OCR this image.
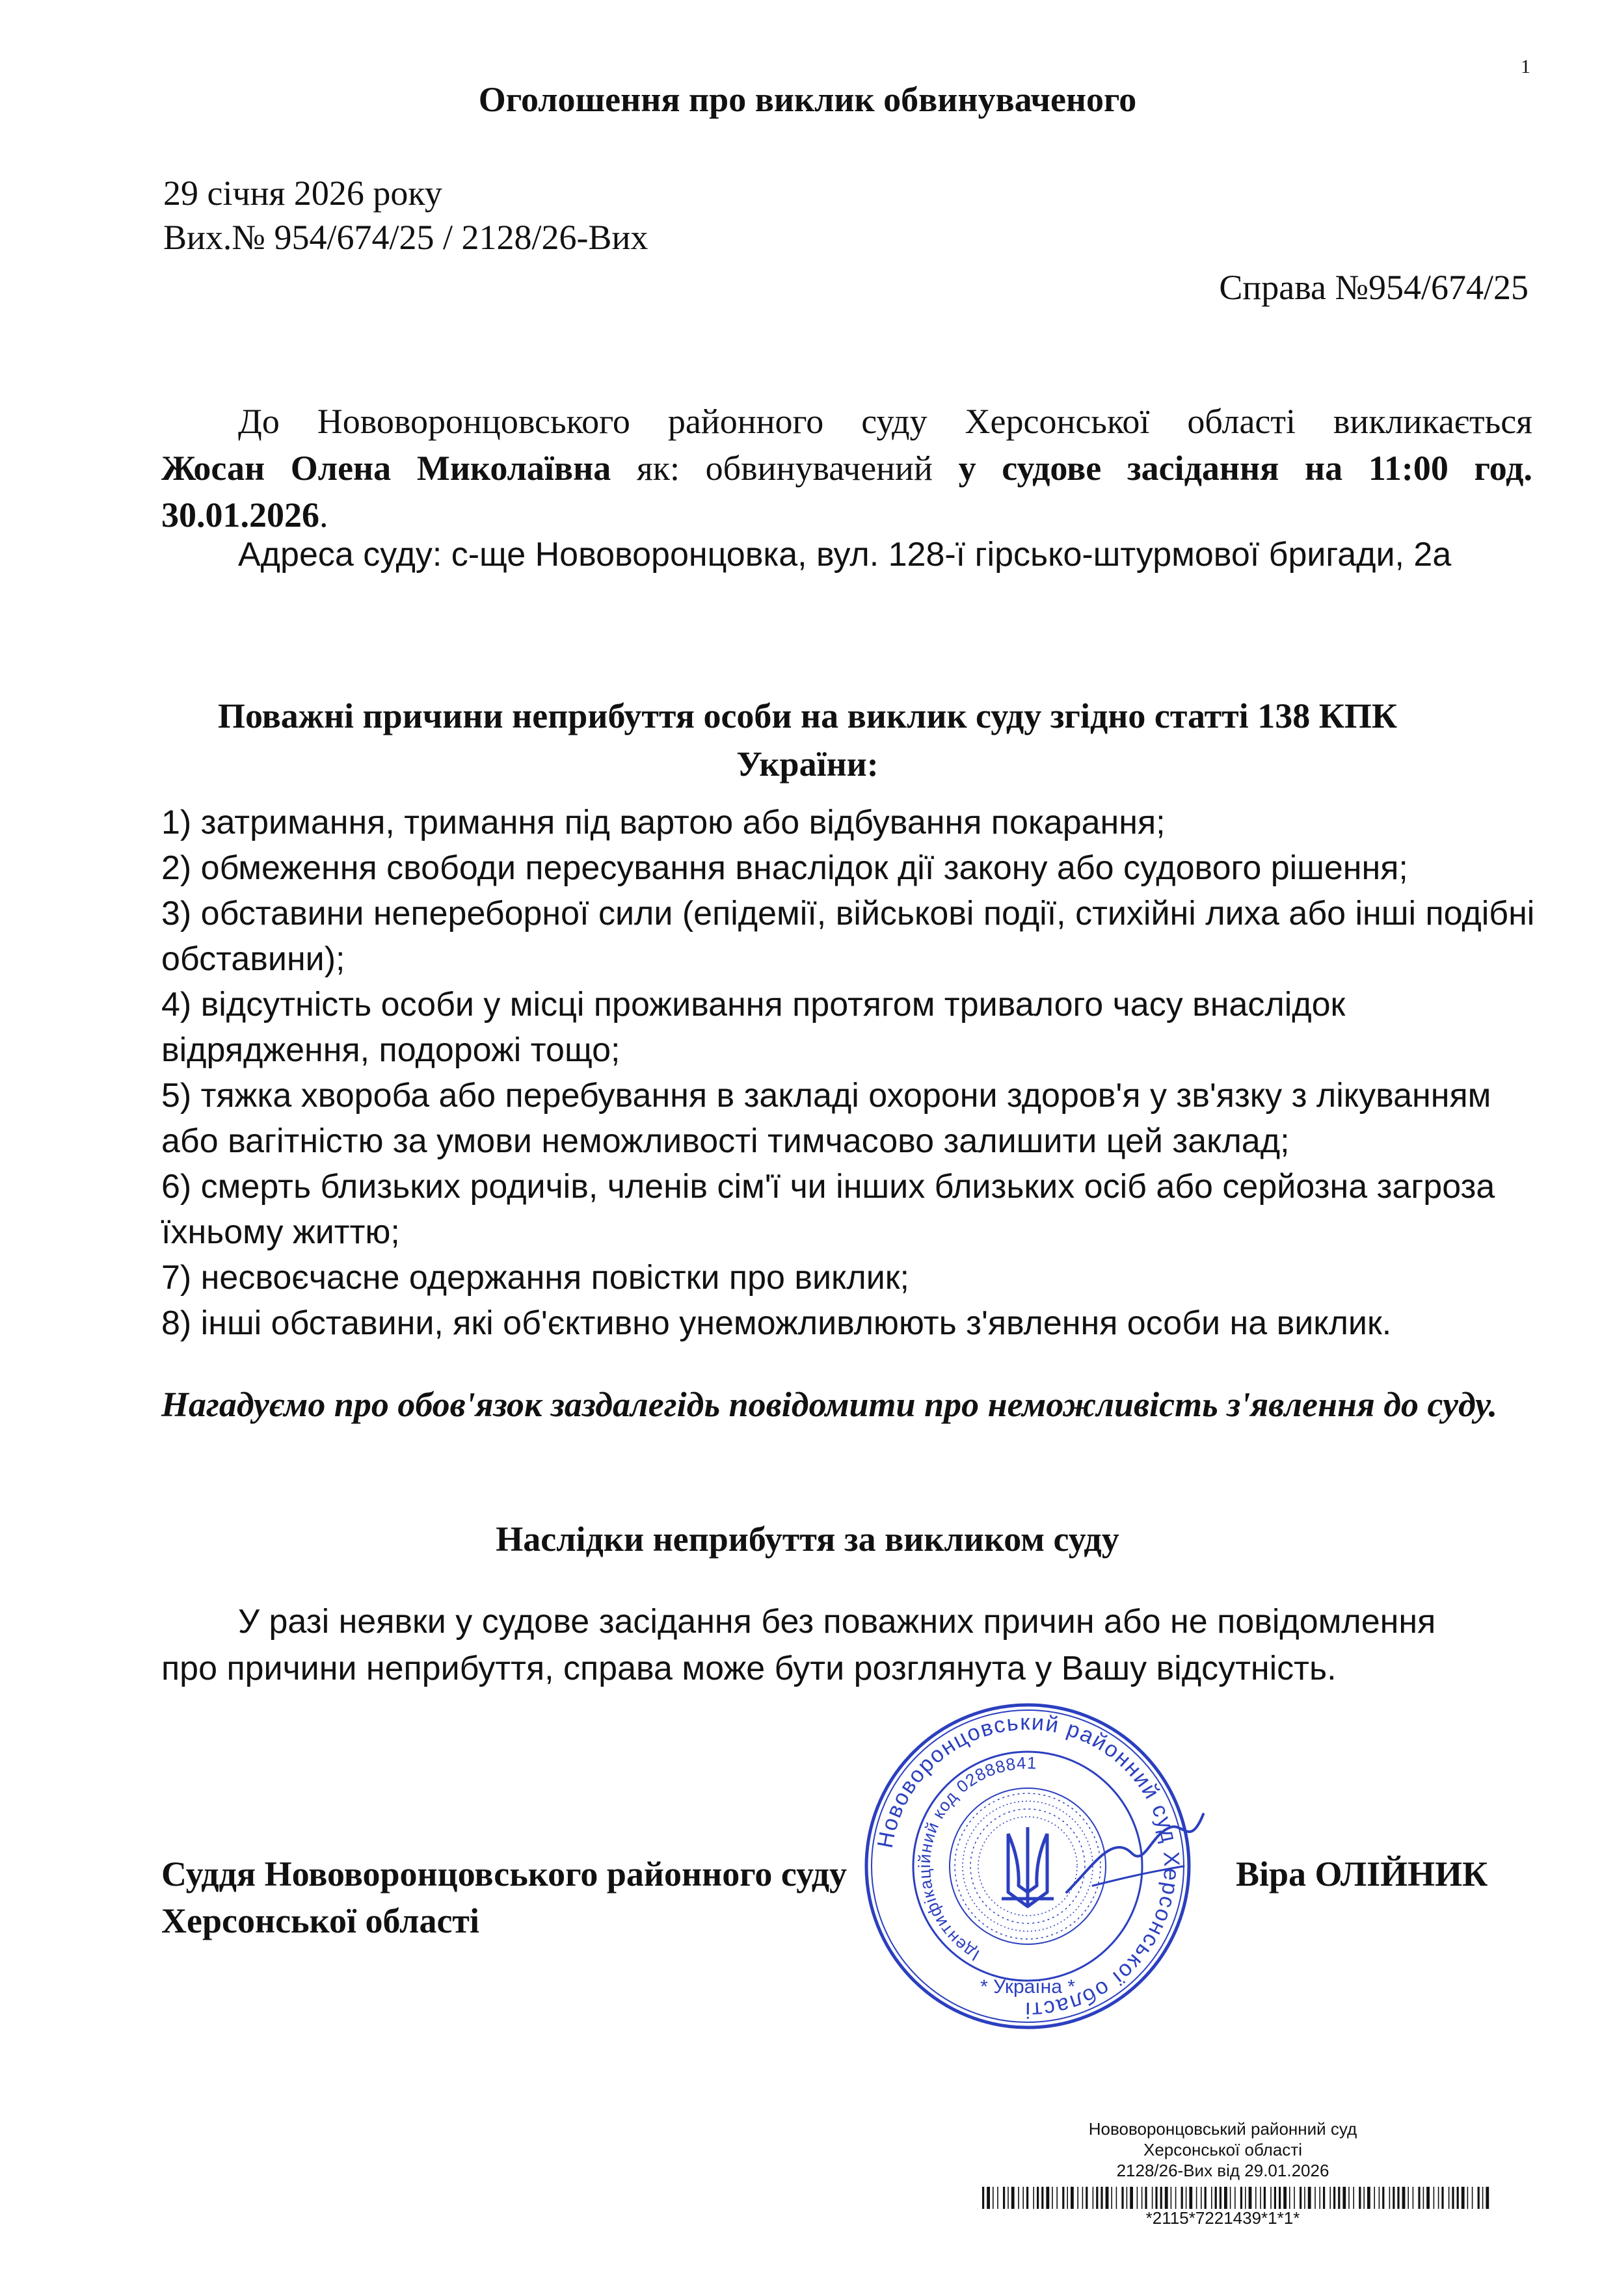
1
Оголошення про виклик обвинуваченого
29 січня 2026 року
Вих.№ 954/674/25 / 2128/26-Вих
Справа №954/674/25
До Нововоронцовського районного суду Херсонської області викликається
Жосан Олена Миколаївна як: обвинувачений у судове засідання на 11:00 год.
30.01.2026.
Адреса суду: с-ще Нововоронцовка, вул. 128-ї гірсько-штурмової бригади, 2а
Поважні причини неприбуття особи на виклик суду згідно статті 138 КПК
України:
1) затримання, тримання під вартою або відбування покарання;
2) обмеження свободи пересування внаслідок дії закону або судового рішення;
3) обставини непереборної сили (епідемії, військові події, стихійні лиха або інші подібні обставини);
4) відсутність особи у місці проживання протягом тривалого часу внаслідок відрядження, подорожі тощо;
5) тяжка хвороба або перебування в закладі охорони здоров'я у зв'язку з лікуванням або вагітністю за умови неможливості тимчасово залишити цей заклад;
6) смерть близьких родичів, членів сім'ї чи інших близьких осіб або серйозна загроза їхньому життю;
7) несвоєчасне одержання повістки про виклик;
8) інші обставини, які об'єктивно унеможливлюють з'явлення особи на виклик.
Нагадуємо про обов'язок заздалегідь повідомити про неможливість з'явлення до суду.
Наслідки неприбуття за викликом суду
У разі неявки у судове засідання без поважних причин або не повідомлення про причини неприбуття, справа може бути розглянута у Вашу відсутність.
Суддя Нововоронцовського районного суду
Херсонської області
Віра ОЛІЙНИК
Нововоронцовський районний суд Херсонської області
Ідентифікаційний код 02888841
* Україна *
Нововоронцовський районний суд
Херсонської області
2128/26-Вих від 29.01.2026
*2115*7221439*1*1*
